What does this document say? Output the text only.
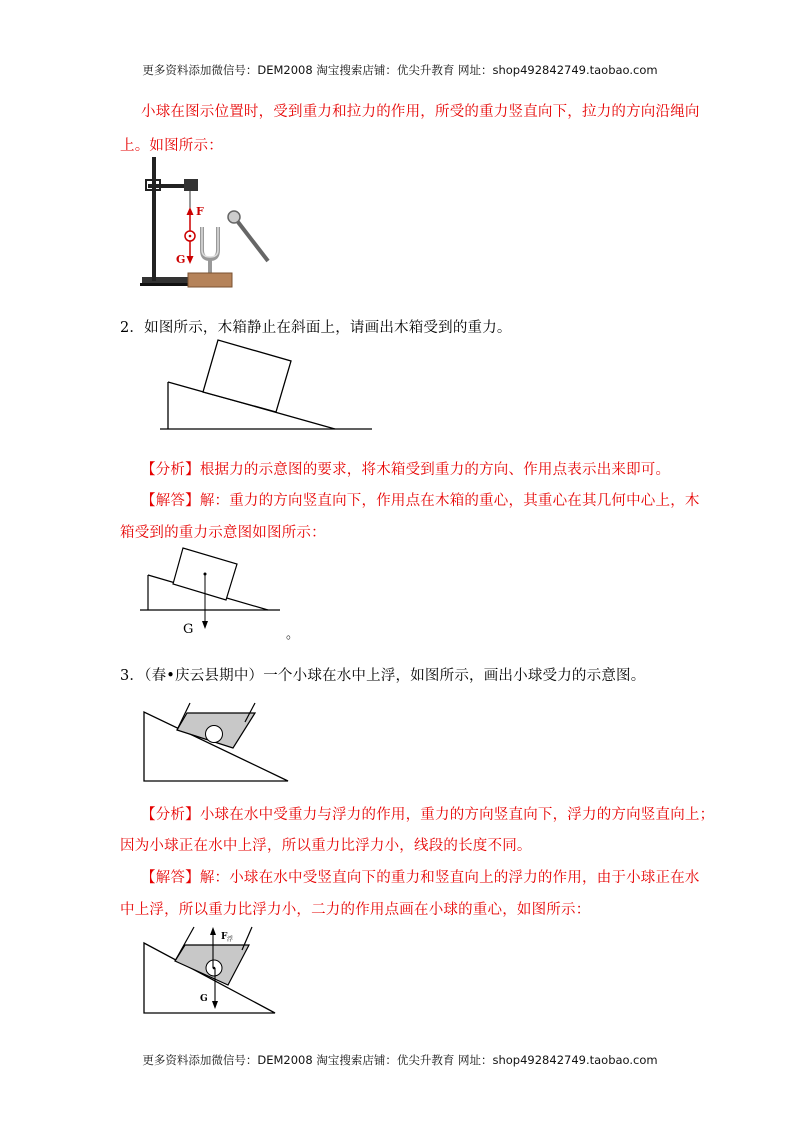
更多资料添加微信号：DEM2008 淘宝搜索店铺：优尖升教育 网址：shop492842749.taobao.com
小球在图示位置时，受到重力和拉力的作用，所受的重力竖直向下，拉力的方向沿绳向
上。如图所示：
F
G
2．如图所示，木箱静止在斜面上，请画出木箱受到的重力。
【分析】根据力的示意图的要求，将木箱受到重力的方向、作用点表示出来即可。
【解答】解：重力的方向竖直向下，作用点在木箱的重心，其重心在其几何中心上，木
箱受到的重力示意图如图所示：
G	。
3．（春•庆云县期中）一个小球在水中上浮，如图所示，画出小球受力的示意图。
【分析】小球在水中受重力与浮力的作用，重力的方向竖直向下，浮力的方向竖直向上；
因为小球正在水中上浮，所以重力比浮力小，线段的长度不同。
【解答】解：小球在水中受竖直向下的重力和竖直向上的浮力的作用，由于小球正在水
中上浮，所以重力比浮力小，二力的作用点画在小球的重心，如图所示：
F 浮
G
更多资料添加微信号：DEM2008 淘宝搜索店铺：优尖升教育 网址：shop492842749.taobao.com
